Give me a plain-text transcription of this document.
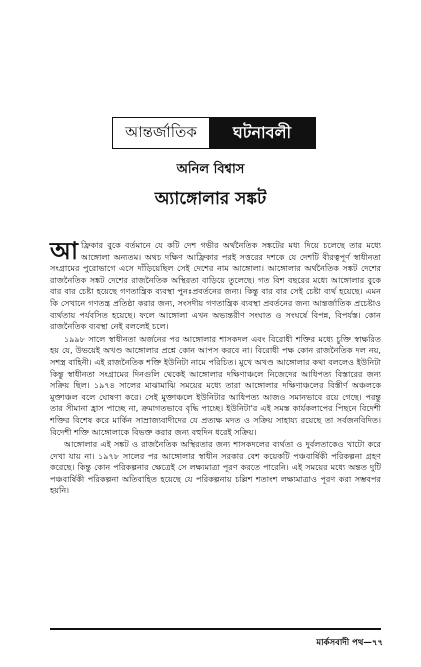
আন্তর্জাতিক	ঘটনাবলী
অনিল বিশ্বাস
অ্যাঙ্গোলার সঙ্কট

আফ্রিকার বুকে বর্তমানে যে কটি দেশ গভীর অর্থনৈতিক সঙ্কটের মধ্য দিয়ে চলেছে তার মধ্যে আঙ্গোলা অন্যতম। অথচ দক্ষিণ আফ্রিকার পরই সত্তরের দশকে যে দেশটি বীরত্বপূর্ণ স্বাধীনতা সংগ্রামের পুরোভাগে এসে দাঁড়িয়েছিল সেই দেশের নাম আঙ্গোলা। আঙ্গোলার অর্থনৈতিক সঙ্কট দেশের রাজনৈতিক সঙ্কট দেশের রাজনৈতিক অস্থিরতা বাড়িয়ে তুলেছে। গত বিশ বছরের মধ্যে আঙ্গোলার বুকে বার বার চেষ্টা হয়েছে গণতান্ত্রিক ব্যবস্থা পুনঃপ্রবর্তনের জন্য। কিন্তু বার বার সেই চেষ্টা ব্যর্থ হয়েছে। এমন কি সেখানে গণতন্ত্র প্রতিষ্ঠা করার জন্য, সংসদীয় গণতান্ত্রিক ব্যবস্থা প্রবর্তনের জন্য আন্তর্জাতিক প্রচেষ্টাও ব্যর্থতায় পর্যবসিত হয়েছে। ফলে আঙ্গোলা এখন অভ্যন্তরীণ সংঘাত ও সংঘর্ষে বিপন্ন, বিপর্যস্ত। কোন রাজনৈতিক ব্যবস্থা নেই বললেই চলে।

১৯৯৮ সালে স্বাধীনতা অর্জনের পর আঙ্গোলার শাসকদল এবং বিরোধী শক্তির মধ্যে চুক্তি স্বাক্ষরিত হয় যে, উভয়েই অখণ্ড আঙ্গোলার প্রশ্নে কোন আপস করবে না। বিরোধী পক্ষ কোন রাজনৈতিক দল নয়, সশস্ত্র বাহিনী। এই রাজনৈতিক শক্তি ইউনিটা নামে পরিচিত। মুখে অখণ্ড আঙ্গোলার কথা বললেও ইউনিটা কিন্তু স্বাধীনতা সংগ্রামের দিনগুলি থেকেই আঙ্গোলার দক্ষিণাঞ্চলে নিজেদের আধিপত্য বিস্তারের জন্য সক্রিয় ছিল। ১৯৭৪ সালের মাঝামাঝি সময়ের মধ্যে তারা আঙ্গোলার দক্ষিণাঞ্চলের বিস্তীর্ণ অঞ্চলকে মুক্তাঞ্চল বলে ঘোষণা করে। সেই মুক্তাঞ্চলে ইউনিটার আধিপত্য আজও সমানভাবে রয়ে গেছে। পরন্তু তার সীমানা হ্রাস পাচ্ছে না, ক্রমাগতভাবে বৃদ্ধি পাচ্ছে। ইউনিটা'র এই সমস্ত কার্যকলাপের পিছনে বিদেশী শক্তির বিশেষ করে মার্কিন সাম্রাজ্যবাদীদের যে প্রত্যক্ষ মদত ও সক্রিয় সাহায্য রয়েছে তা সর্বজনবিদিত। বিদেশী শক্তি আঙ্গোলাকে বিভক্ত করার জন্য বহুদিন ধরেই সক্রিয়।

আঙ্গোলার এই সঙ্কট ও রাজনৈতিক অস্থিরতার জন্য শাসকদলের ব্যর্থতা ও দুর্বলতাকেও খাটো করে দেখা যায় না। ১৯৭৮ সালের পর আঙ্গোলার স্বাধীন সরকার বেশ কয়েকটি পঞ্চবার্ষিকী পরিকল্পনা গ্রহণ করেছে। কিন্তু কোন পরিকল্পনার ক্ষেত্রেই সে লক্ষ্যমাত্রা পূরণ করতে পারেনি। এই সময়ের মধ্যে অন্তত দুটি পঞ্চবার্ষিকী পরিকল্পনা অতিবাহিত হয়েছে যে পরিকল্পনায় চল্লিশ শতাংশ লক্ষ্যমাত্রাও পূরণ করা সম্ভবপর হয়নি।

মার্কসবাদী পথ—৭৭
